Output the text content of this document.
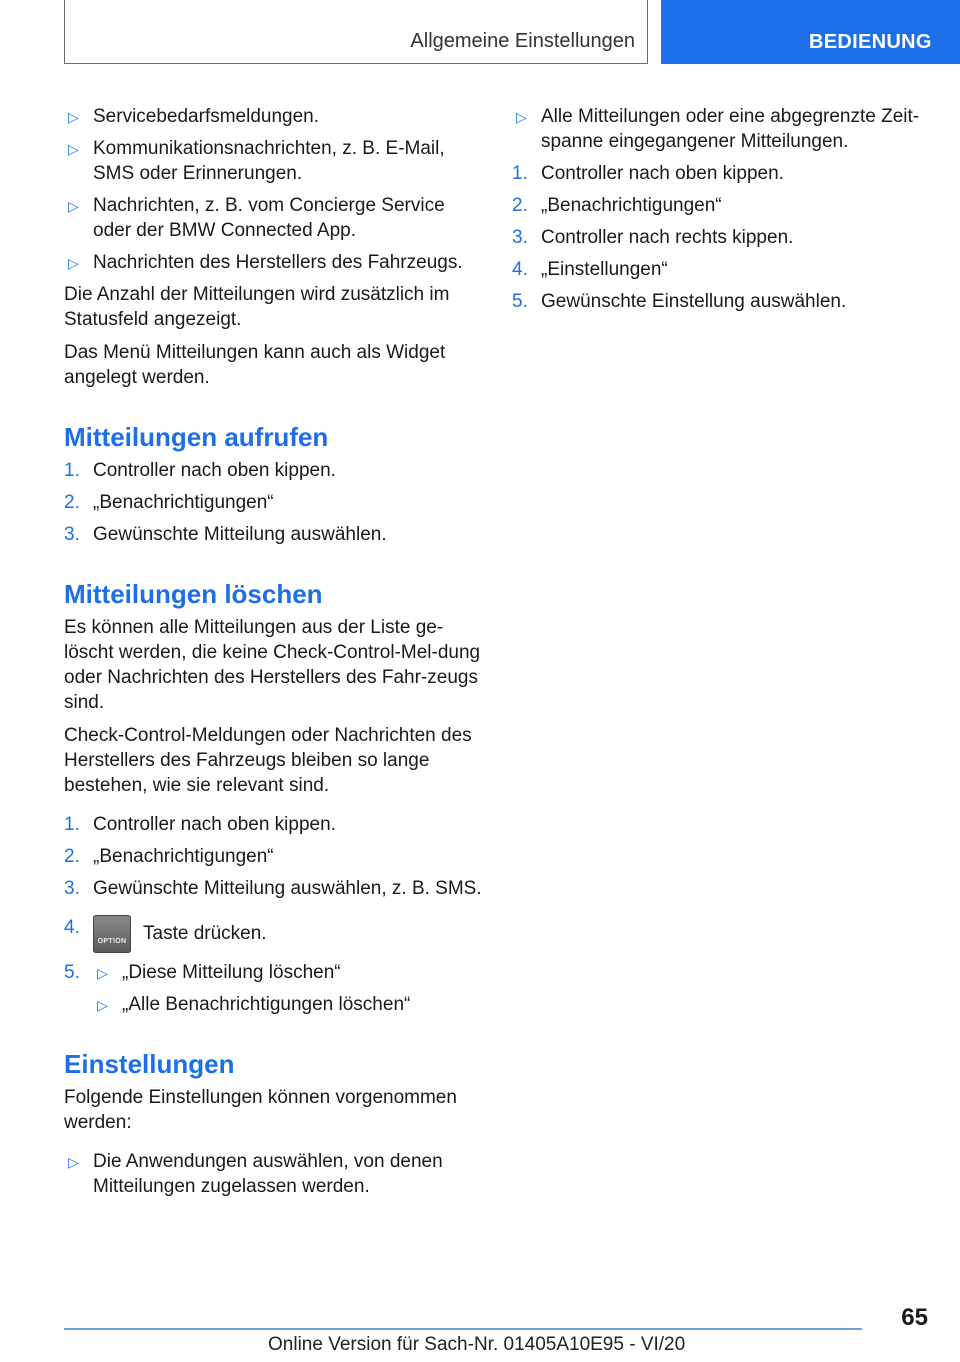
Allgemeine Einstellungen	BEDIENUNG
▷ Servicebedarfsmeldungen.
▷ Kommunikationsnachrichten, z. B. E-Mail, SMS oder Erinnerungen.
▷ Nachrichten, z. B. vom Concierge Service oder der BMW Connected App.
▷ Nachrichten des Herstellers des Fahrzeugs.
Die Anzahl der Mitteilungen wird zusätzlich im Statusfeld angezeigt.
Das Menü Mitteilungen kann auch als Widget angelegt werden.
Mitteilungen aufrufen
1. Controller nach oben kippen.
2. „Benachrichtigungen“
3. Gewünschte Mitteilung auswählen.
Mitteilungen löschen
Es können alle Mitteilungen aus der Liste ge-löscht werden, die keine Check-Control-Mel-dung oder Nachrichten des Herstellers des Fahr-zeugs sind.
Check-Control-Meldungen oder Nachrichten des Herstellers des Fahrzeugs bleiben so lange bestehen, wie sie relevant sind.
1. Controller nach oben kippen.
2. „Benachrichtigungen“
3. Gewünschte Mitteilung auswählen, z. B. SMS.
4.
OPTION Taste drücken.
5.	▷ „Diese Mitteilung löschen“
▷ „Alle Benachrichtigungen löschen“
Einstellungen
Folgende Einstellungen können vorgenommen werden:
▷ Die Anwendungen auswählen, von denen Mitteilungen zugelassen werden.
▷ Alle Mitteilungen oder eine abgegrenzte Zeit-spanne eingegangener Mitteilungen.
1. Controller nach oben kippen.
2. „Benachrichtigungen“
3. Controller nach rechts kippen.
4. „Einstellungen“
5. Gewünschte Einstellung auswählen.
65
Online Version für Sach-Nr. 01405A10E95 - VI/20
